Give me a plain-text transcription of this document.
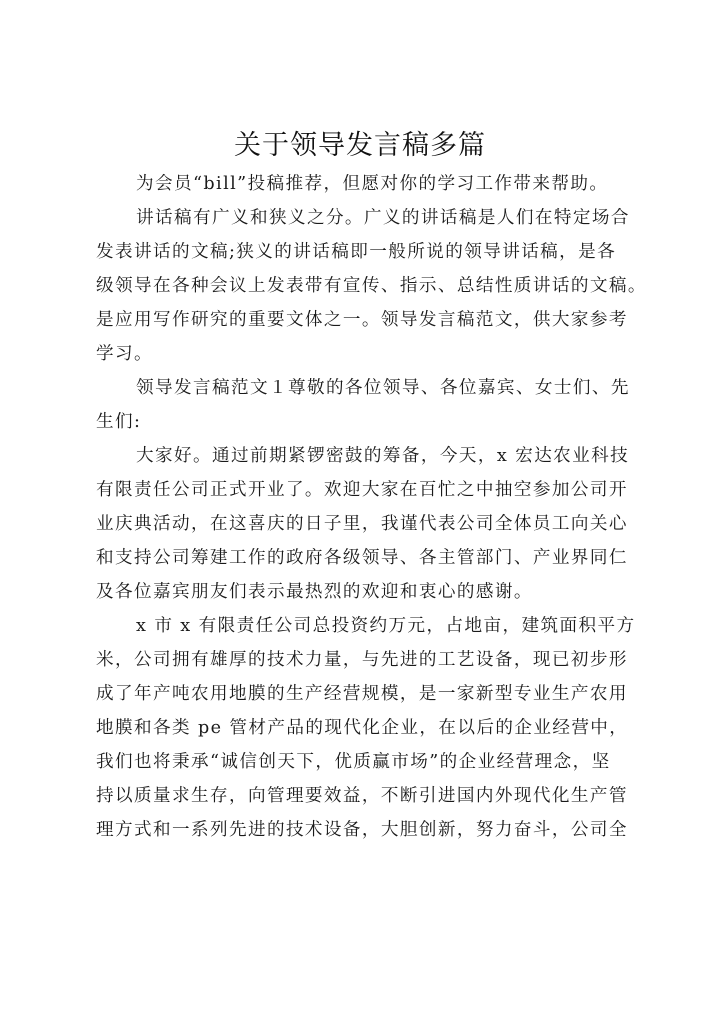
关于领导发言稿多篇
为会员“bill”投稿推荐，但愿对你的学习工作带来帮助。
讲话稿有广义和狭义之分。广义的讲话稿是人们在特定场合
发表讲话的文稿;狭义的讲话稿即一般所说的领导讲话稿，是各
级领导在各种会议上发表带有宣传、指示、总结性质讲话的文稿。
是应用写作研究的重要文体之一。领导发言稿范文，供大家参考
学习。
领导发言稿范文１尊敬的各位领导、各位嘉宾、女士们、先
生们:
大家好。通过前期紧锣密鼓的筹备，今天，x 宏达农业科技
有限责任公司正式开业了。欢迎大家在百忙之中抽空参加公司开
业庆典活动，在这喜庆的日子里，我谨代表公司全体员工向关心
和支持公司筹建工作的政府各级领导、各主管部门、产业界同仁
及各位嘉宾朋友们表示最热烈的欢迎和衷心的感谢。
x 市 x 有限责任公司总投资约万元，占地亩，建筑面积平方
米，公司拥有雄厚的技术力量，与先进的工艺设备，现已初步形
成了年产吨农用地膜的生产经营规模，是一家新型专业生产农用
地膜和各类 pe 管材产品的现代化企业，在以后的企业经营中，
我们也将秉承“诚信创天下，优质赢市场”的企业经营理念，坚
持以质量求生存，向管理要效益，不断引进国内外现代化生产管
理方式和一系列先进的技术设备，大胆创新，努力奋斗，公司全
